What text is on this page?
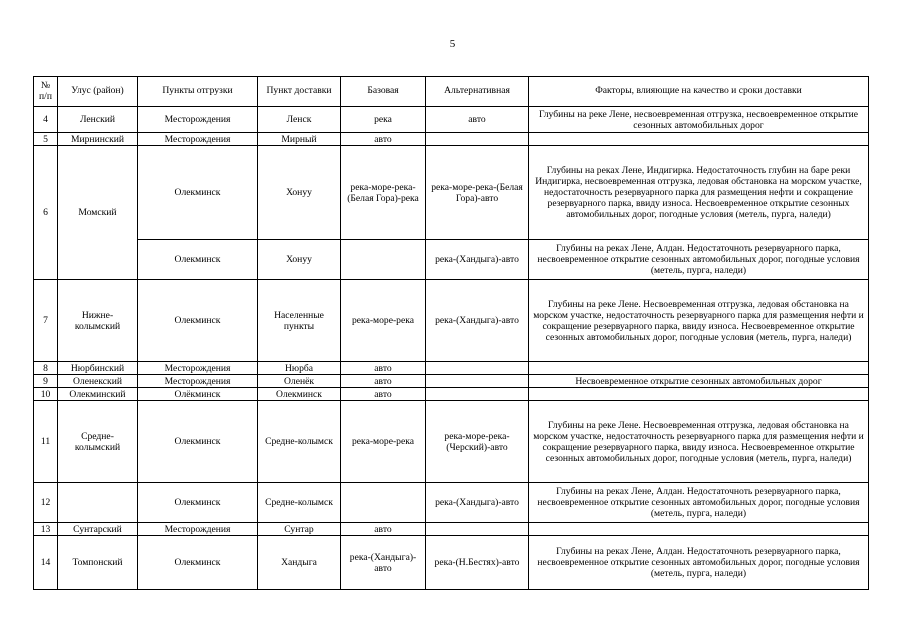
5
№ п/п	Улус (район)	Пункты отгрузки	Пункт доставки	Базовая	Альтернативная	Факторы, влияющие на качество и сроки доставки
4	Ленский	Месторождения	Ленск	река	авто	Глубины на реке Лене, несвоевременная отгрузка, несвоевременное открытие сезонных автомобильных дорог
5	Мирнинский	Месторождения	Мирный	авто		
6	Момский	Олекминск	Хонуу	река-море-река-(Белая Гора)-река	река-море-река-(Белая Гора)-авто	Глубины на реках Лене, Индигирка. Недостаточность глубин на баре реки Индигирка, несвоевременная отгрузка, ледовая обстановка на морском участке, недостаточность резервуарного парка для размещения нефти и сокращение резервуарного парка, ввиду износа. Несвоевременное открытие сезонных автомобильных дорог, погодные условия (метель, пурга, наледи)
		Олекминск	Хонуу		река-(Хандыга)-авто	Глубины на реках Лене, Алдан. Недостаточноть резервуарного парка, несвоевременное открытие сезонных автомобильных дорог, погодные условия (метель, пурга, наледи)
7	Нижне-колымский	Олекминск	Населенные пункты	река-море-река	река-(Хандыга)-авто	Глубины на реке Лене. Несвоевременная отгрузка, ледовая обстановка на морском участке, недостаточность резервуарного парка для размещения нефти и сокращение резервуарного парка, ввиду износа. Несвоевременное открытие сезонных автомобильных дорог, погодные условия (метель, пурга, наледи)
8	Нюрбинский	Месторождения	Нюрба	авто		
9	Оленекский	Месторождения	Оленёк	авто		Несвоевременное открытие сезонных автомобильных дорог
10	Олекминский	Олёкминск	Олекминск	авто		
11	Средне-колымский	Олекминск	Средне-колымск	река-море-река	река-море-река-(Черский)-авто	Глубины на реке Лене. Несвоевременная отгрузка, ледовая обстановка на морском участке, недостаточность резервуарного парка для размещения нефти и сокращение резервуарного парка, ввиду износа. Несвоевременное открытие сезонных автомобильных дорог, погодные условия (метель, пурга, наледи)
12		Олекминск	Средне-колымск		река-(Хандыга)-авто	Глубины на реках Лене, Алдан. Недостаточноть резервуарного парка, несвоевременное открытие сезонных автомобильных дорог, погодные условия (метель, пурга, наледи)
13	Сунтарский	Месторождения	Сунтар	авто		
14	Томпонский	Олекминск	Хандыга	река-(Хандыга)-авто	река-(Н.Бестях)-авто	Глубины на реках Лене, Алдан. Недостаточноть резервуарного парка, несвоевременное открытие сезонных автомобильных дорог, погодные условия (метель, пурга, наледи)
